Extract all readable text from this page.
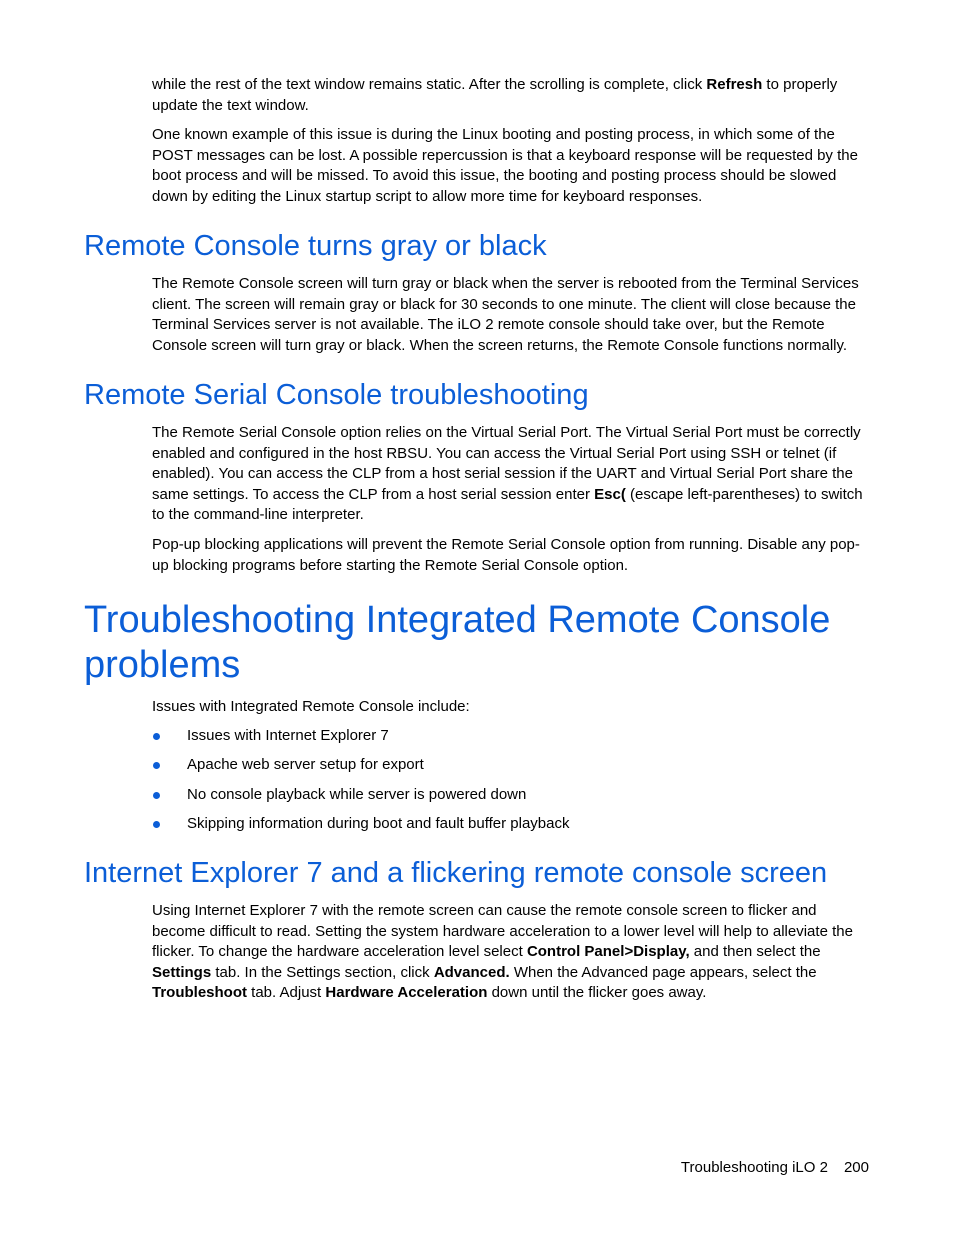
while the rest of the text window remains static. After the scrolling is complete, click Refresh to properly update the text window.

One known example of this issue is during the Linux booting and posting process, in which some of the POST messages can be lost. A possible repercussion is that a keyboard response will be requested by the boot process and will be missed. To avoid this issue, the booting and posting process should be slowed down by editing the Linux startup script to allow more time for keyboard responses.

Remote Console turns gray or black

The Remote Console screen will turn gray or black when the server is rebooted from the Terminal Services client. The screen will remain gray or black for 30 seconds to one minute. The client will close because the Terminal Services server is not available. The iLO 2 remote console should take over, but the Remote Console screen will turn gray or black. When the screen returns, the Remote Console functions normally.

Remote Serial Console troubleshooting

The Remote Serial Console option relies on the Virtual Serial Port. The Virtual Serial Port must be correctly enabled and configured in the host RBSU. You can access the Virtual Serial Port using SSH or telnet (if enabled). You can access the CLP from a host serial session if the UART and Virtual Serial Port share the same settings. To access the CLP from a host serial session enter Esc( (escape left-parentheses) to switch to the command-line interpreter.

Pop-up blocking applications will prevent the Remote Serial Console option from running. Disable any pop-up blocking programs before starting the Remote Serial Console option.

Troubleshooting Integrated Remote Console problems

Issues with Integrated Remote Console include:

Issues with Internet Explorer 7
Apache web server setup for export
No console playback while server is powered down
Skipping information during boot and fault buffer playback
Internet Explorer 7 and a flickering remote console screen

Using Internet Explorer 7 with the remote screen can cause the remote console screen to flicker and become difficult to read. Setting the system hardware acceleration to a lower level will help to alleviate the flicker. To change the hardware acceleration level select Control Panel>Display, and then select the Settings tab. In the Settings section, click Advanced. When the Advanced page appears, select the Troubleshoot tab. Adjust Hardware Acceleration down until the flicker goes away.

Troubleshooting iLO 2 200
